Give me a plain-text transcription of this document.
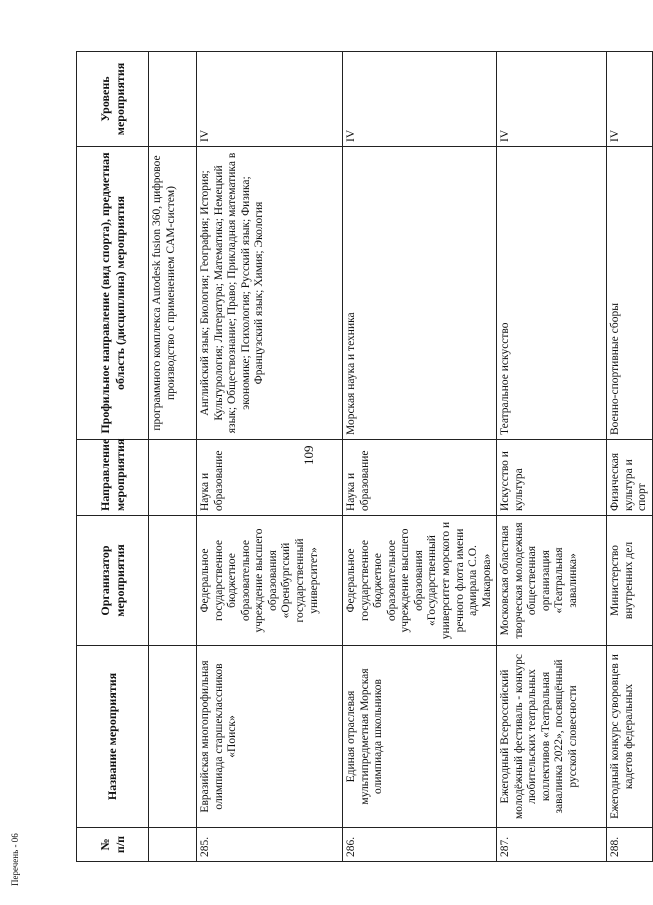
109
Перечень - 06	№ п/п	Название мероприятия	Организатор мероприятия	Направление мероприятия	Профильное направление (вид спорта), предметная область (дисциплина) мероприятия	Уровень мероприятия
				программного комплекса Autodesk fusion 360, цифровое производство с применением CAM-систем)	
285.	Евразийская многопрофильная олимпиада старшеклассников «Поиск»	Федеральное государственное бюджетное образовательное учреждение высшего образования «Оренбургский государственный университет»	Наука и образование	Английский язык; Биология; География; История; Культурология; Литература; Математика; Немецкий язык; Обществознание; Право; Прикладная математика в экономике; Психология; Русский язык; Физика; Французский язык; Химия; Экология	IV
286.	Единая отраслевая мультипредметная Морская олимпиада школьников	Федеральное государственное бюджетное образовательное учреждение высшего образования «Государственный университет морского и речного флота имени адмирала С.О. Макарова»	Наука и образование	Морская наука и техника	IV
287.	Ежегодный Всероссийский молодёжный фестиваль - конкурс любительских театральных коллективов «Театральная завалинка 2022», посвящённый русской словесности	Московская областная творческая молодежная общественная организация «Театральная завалинка»	Искусство и культура	Театральное искусство	IV
288.	Ежегодный конкурс суворовцев и кадетов федеральных	Министерство внутренних дел	Физическая культура и спорт	Военно-спортивные сборы	IV
